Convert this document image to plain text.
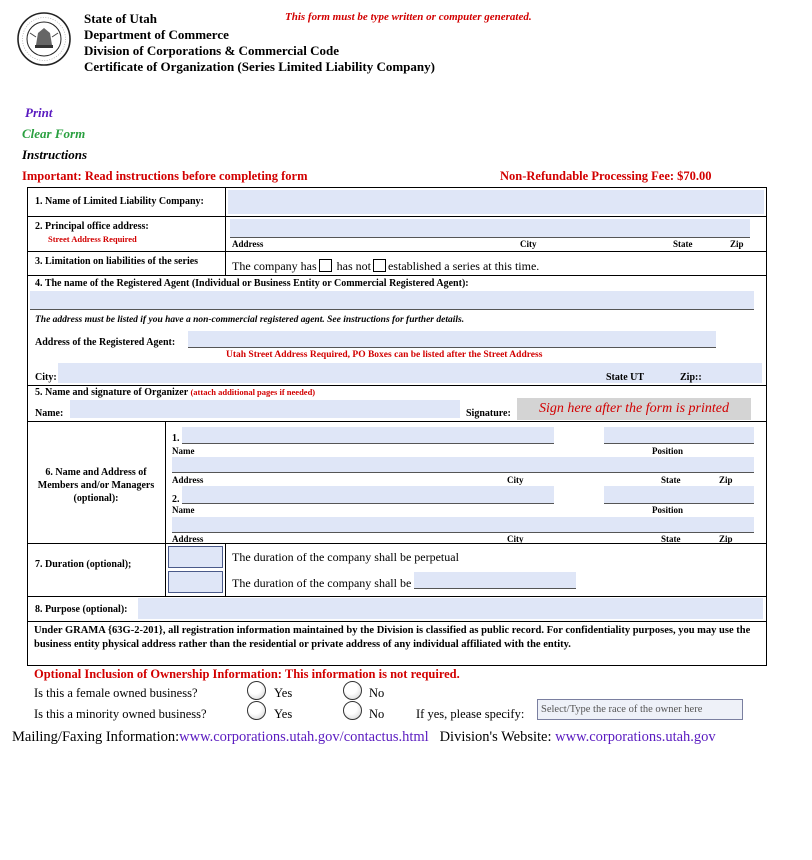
State of Utah
Department of Commerce
Division of Corporations & Commercial Code
Certificate of Organization (Series Limited Liability Company)
This form must be type written or computer generated.
Print
Clear Form
Instructions
Important: Read instructions before completing form	Non-Refundable Processing Fee: $70.00
1. Name of Limited Liability Company:
2. Principal office address:
Street Address Required	Address	City	State	Zip
3. Limitation on liabilities of the series	The company has has not established a series at this time.
4. The name of the Registered Agent (Individual or Business Entity or Commercial Registered Agent):
The address must be listed if you have a non-commercial registered agent. See instructions for further details.
Address of the Registered Agent:
Utah Street Address Required, PO Boxes can be listed after the Street Address
City:	State UT	Zip::
5. Name and signature of Organizer (attach additional pages if needed)
Name:	Signature:	Sign here after the form is printed
6. Name and Address of Members and/or Managers (optional):
1.
Name	Position
Address	City	State	Zip
2.
Name	Position
Address	City	State	Zip
7. Duration (optional);
The duration of the company shall be perpetual
The duration of the company shall be
8. Purpose (optional):
Under GRAMA {63G-2-201}, all registration information maintained by the Division is classified as public record. For confidentiality purposes, you may use the business entity physical address rather than the residential or private address of any individual affiliated with the entity.
Optional Inclusion of Ownership Information: This information is not required.
Is this a female owned business?	Yes	No
Is this a minority owned business?	Yes	No	If yes, please specify:	Select/Type the race of the owner here
Mailing/Faxing Information:www.corporations.utah.gov/contactus.html Division's Website: www.corporations.utah.gov
